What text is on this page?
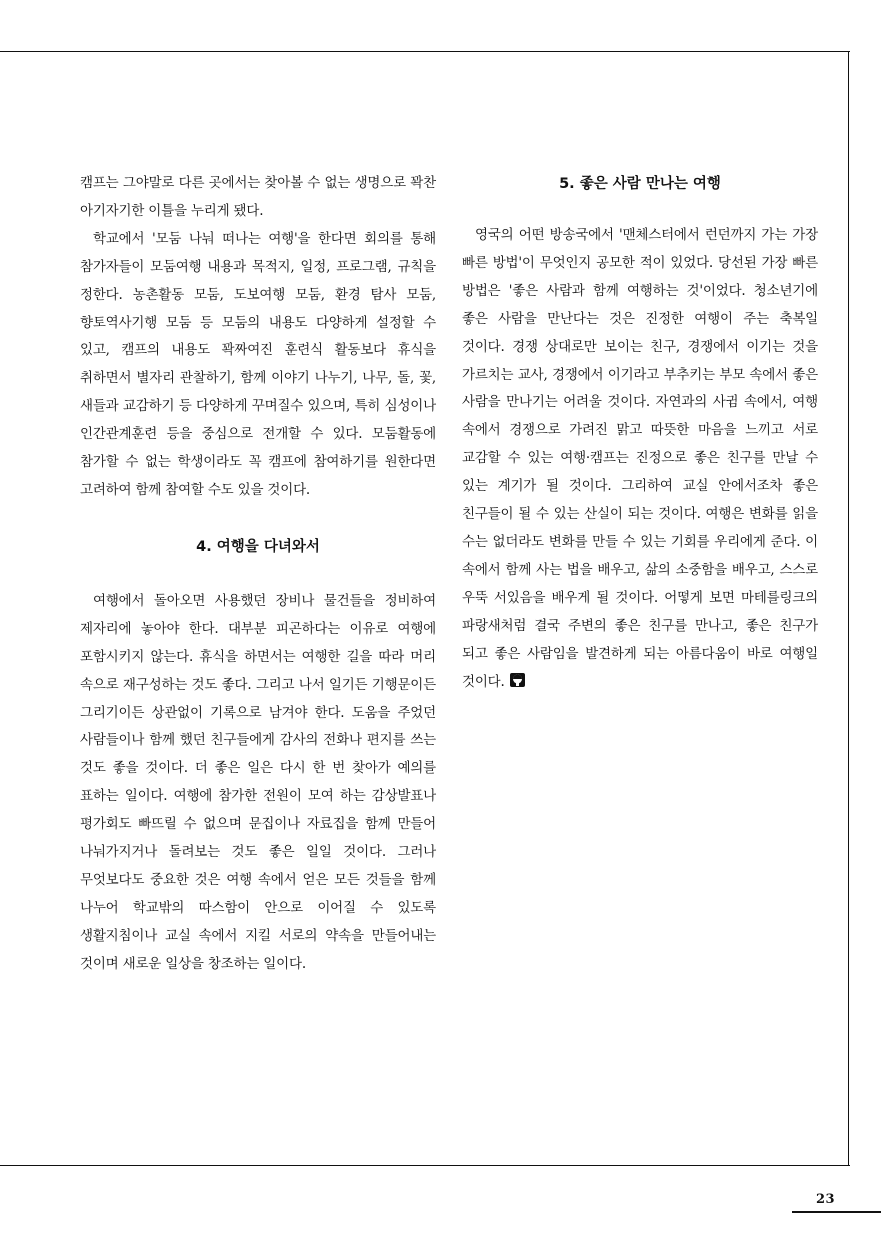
캠프는 그야말로 다른 곳에서는 찾아볼 수 없는 생명으로 꽉찬 아기자기한 이틀을 누리게 됐다.

학교에서 '모둠 나눠 떠나는 여행'을 한다면 회의를 통해 참가자들이 모둠여행 내용과 목적지, 일정, 프로그램, 규칙을 정한다. 농촌활동 모둠, 도보여행 모둠, 환경 탐사 모둠, 향토역사기행 모둠 등 모둠의 내용도 다양하게 설정할 수 있고, 캠프의 내용도 꽉짜여진 훈련식 활동보다 휴식을 취하면서 별자리 관찰하기, 함께 이야기 나누기, 나무, 돌, 꽃, 새들과 교감하기 등 다양하게 꾸며질수 있으며, 특히 심성이나 인간관계훈련 등을 중심으로 전개할 수 있다. 모둠활동에 참가할 수 없는 학생이라도 꼭 캠프에 참여하기를 원한다면 고려하여 함께 참여할 수도 있을 것이다.

4. 여행을 다녀와서

여행에서 돌아오면 사용했던 장비나 물건들을 정비하여 제자리에 놓아야 한다. 대부분 피곤하다는 이유로 여행에 포함시키지 않는다. 휴식을 하면서는 여행한 길을 따라 머리 속으로 재구성하는 것도 좋다. 그리고 나서 일기든 기행문이든 그리기이든 상관없이 기록으로 남겨야 한다. 도움을 주었던 사람들이나 함께 했던 친구들에게 감사의 전화나 편지를 쓰는 것도 좋을 것이다. 더 좋은 일은 다시 한 번 찾아가 예의를 표하는 일이다. 여행에 참가한 전원이 모여 하는 감상발표나 평가회도 빠뜨릴 수 없으며 문집이나 자료집을 함께 만들어 나눠가지거나 돌려보는 것도 좋은 일일 것이다. 그러나 무엇보다도 중요한 것은 여행 속에서 얻은 모든 것들을 함께 나누어 학교밖의 따스함이 안으로 이어질 수 있도록 생활지침이나 교실 속에서 지킬 서로의 약속을 만들어내는 것이며 새로운 일상을 창조하는 일이다.

5. 좋은 사람 만나는 여행

영국의 어떤 방송국에서 '맨체스터에서 런던까지 가는 가장 빠른 방법'이 무엇인지 공모한 적이 있었다. 당선된 가장 빠른 방법은 '좋은 사람과 함께 여행하는 것'이었다. 청소년기에 좋은 사람을 만난다는 것은 진정한 여행이 주는 축복일 것이다. 경쟁 상대로만 보이는 친구, 경쟁에서 이기는 것을 가르치는 교사, 경쟁에서 이기라고 부추키는 부모 속에서 좋은 사람을 만나기는 어려울 것이다. 자연과의 사귐 속에서, 여행 속에서 경쟁으로 가려진 맑고 따뜻한 마음을 느끼고 서로 교감할 수 있는 여행·캠프는 진정으로 좋은 친구를 만날 수 있는 계기가 될 것이다. 그리하여 교실 안에서조차 좋은 친구들이 될 수 있는 산실이 되는 것이다. 여행은 변화를 읽을 수는 없더라도 변화를 만들 수 있는 기회를 우리에게 준다. 이 속에서 함께 사는 법을 배우고, 삶의 소중함을 배우고, 스스로 우뚝 서있음을 배우게 될 것이다. 어떻게 보면 마테를링크의 파랑새처럼 결국 주변의 좋은 친구를 만나고, 좋은 친구가 되고 좋은 사람임을 발견하게 되는 아름다움이 바로 여행일 것이다.

23
